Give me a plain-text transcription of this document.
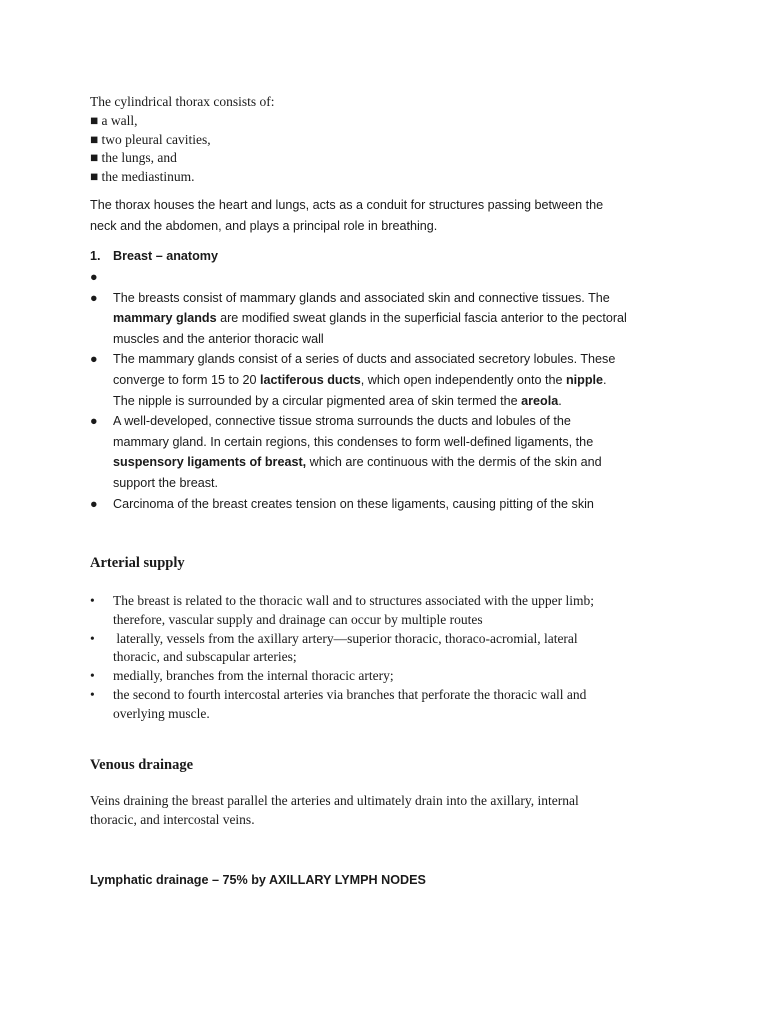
The cylindrical thorax consists of:
■ a wall,
■ two pleural cavities,
■ the lungs, and
■ the mediastinum.
The thorax houses the heart and lungs, acts as a conduit for structures passing between the
neck and the abdomen, and plays a principal role in breathing.
1. Breast – anatomy
●

● The breasts consist of mammary glands and associated skin and connective tissues. The
mammary glands are modified sweat glands in the superficial fascia anterior to the pectoral
muscles and the anterior thoracic wall
● The mammary glands consist of a series of ducts and associated secretory lobules. These
converge to form 15 to 20 lactiferous ducts, which open independently onto the nipple.
The nipple is surrounded by a circular pigmented area of skin termed the areola.
● A well-developed, connective tissue stroma surrounds the ducts and lobules of the
mammary gland. In certain regions, this condenses to form well-defined ligaments, the
suspensory ligaments of breast, which are continuous with the dermis of the skin and
support the breast.
● Carcinoma of the breast creates tension on these ligaments, causing pitting of the skin
Arterial supply
• The breast is related to the thoracic wall and to structures associated with the upper limb;
therefore, vascular supply and drainage can occur by multiple routes
• laterally, vessels from the axillary artery—superior thoracic, thoraco-acromial, lateral
thoracic, and subscapular arteries;
• medially, branches from the internal thoracic artery;
• the second to fourth intercostal arteries via branches that perforate the thoracic wall and
overlying muscle.
Venous drainage
Veins draining the breast parallel the arteries and ultimately drain into the axillary, internal
thoracic, and intercostal veins.
Lymphatic drainage – 75% by AXILLARY LYMPH NODES
